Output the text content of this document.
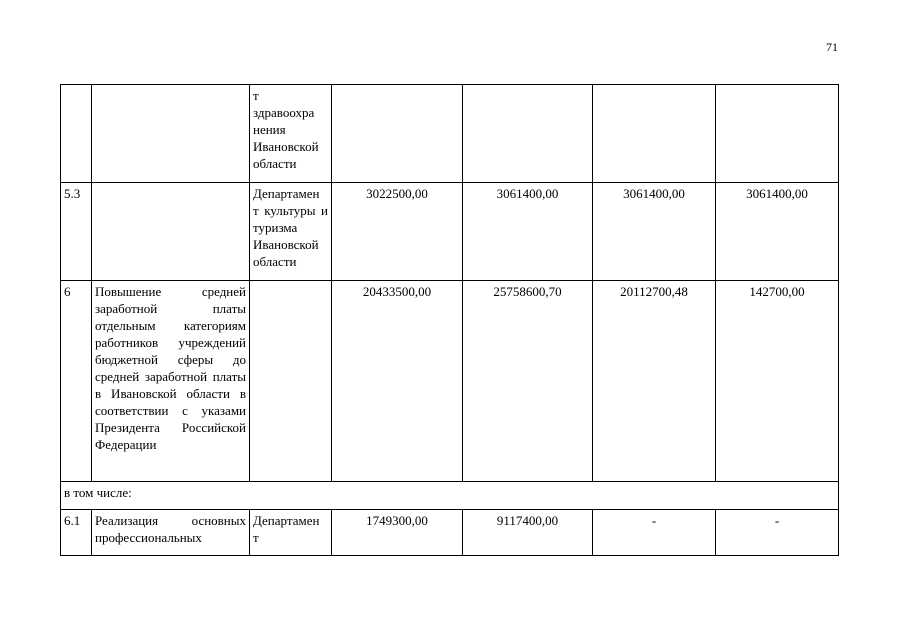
71
		т
здравоохра
нения
Ивановской
области				
5.3		Департамен т культуры и туризма Ивановской области	3022500,00	3061400,00	3061400,00	3061400,00
6	Повышение средней заработной платы отдельным категориям работников учреждений бюджетной сферы до средней заработной платы в Ивановской области в соответствии с указами Президента Российской Федерации		20433500,00	25758600,70	20112700,48	142700,00
в том числе:						
6.1	Реализация основных профессиональных	Департамен т	1749300,00	9117400,00	-	-
